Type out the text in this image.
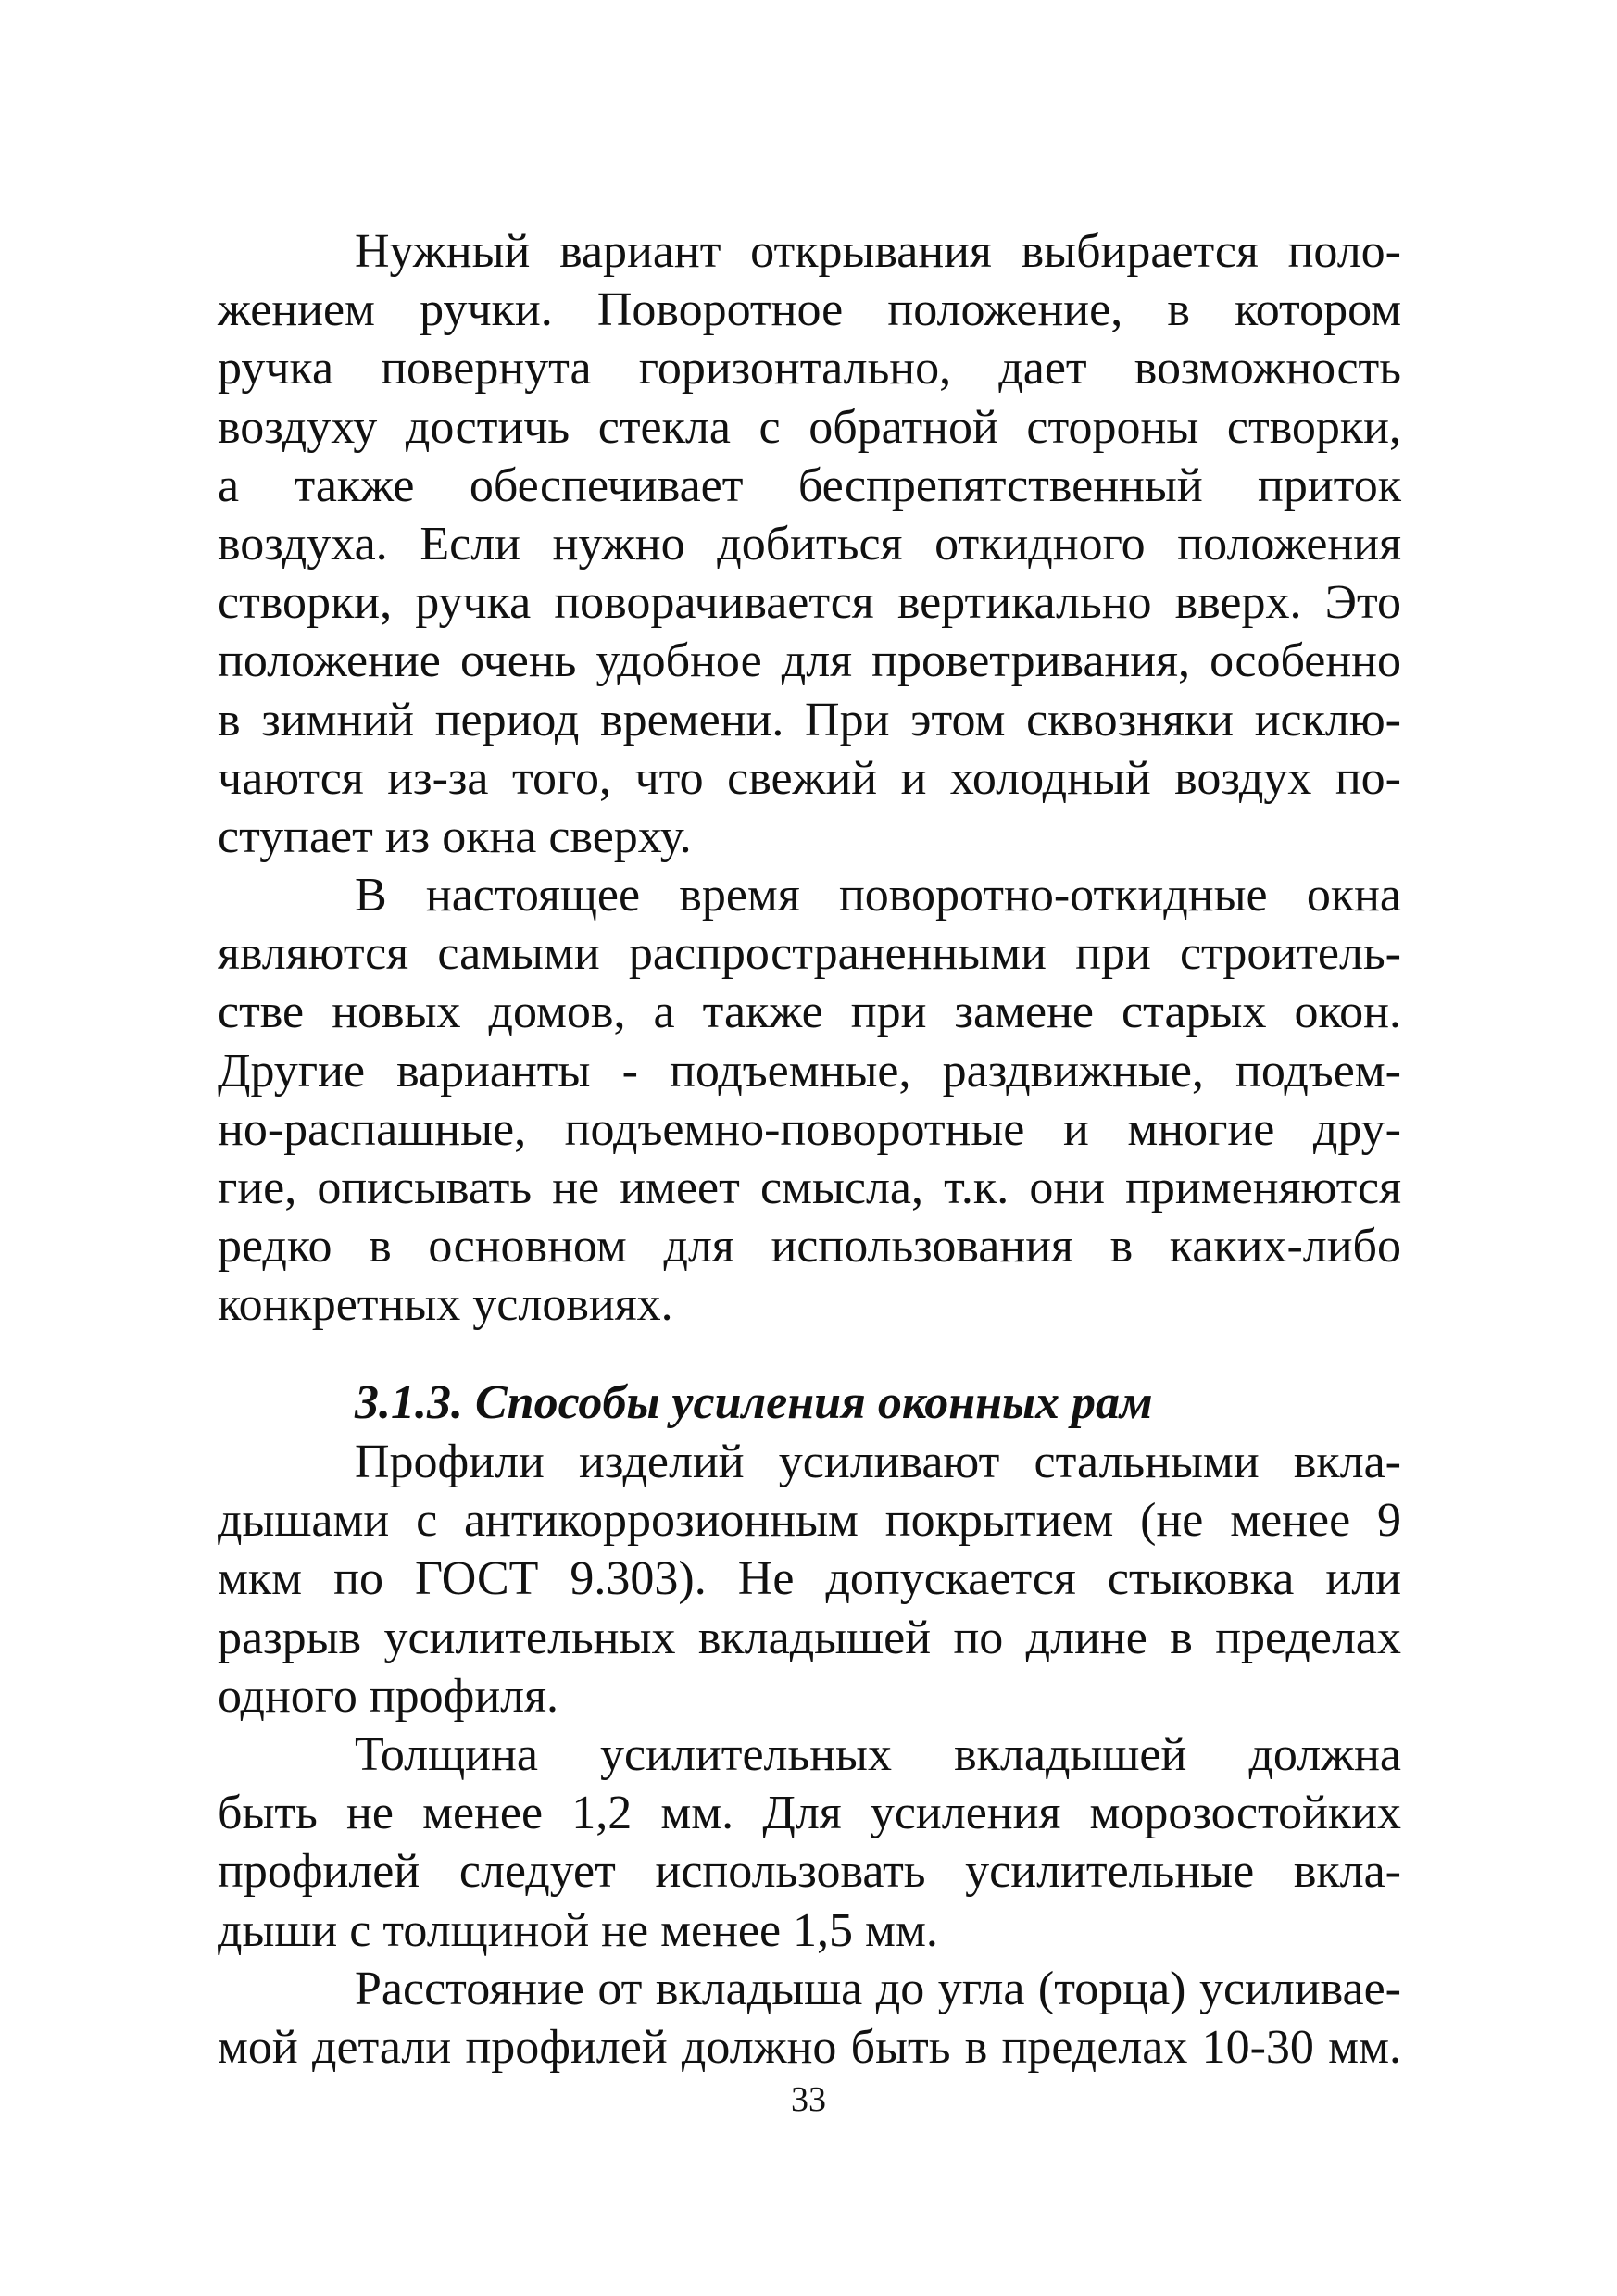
Нужный вариант открывания выбирается поло-
жением ручки. Поворотное положение, в котором
ручка повернута горизонтально, дает возможность
воздуху достичь стекла с обратной стороны створки,
а также обеспечивает беспрепятственный приток
воздуха. Если нужно добиться откидного положения
створки, ручка поворачивается вертикально вверх. Это
положение очень удобное для проветривания, особенно
в зимний период времени. При этом сквозняки исклю-
чаются из-за того, что свежий и холодный воздух по-
ступает из окна сверху.
В настоящее время поворотно-откидные окна
являются самыми распространенными при строитель-
стве новых домов, а также при замене старых окон.
Другие варианты - подъемные, раздвижные, подъем-
но-распашные, подъемно-поворотные и многие дру-
гие, описывать не имеет смысла, т.к. они применяются
редко в основном для использования в каких-либо
конкретных условиях.
3.1.3. Способы усиления оконных рам
Профили изделий усиливают стальными вкла-
дышами с антикоррозионным покрытием (не менее 9
мкм по ГОСТ 9.303). Не допускается стыковка или
разрыв усилительных вкладышей по длине в пределах
одного профиля.
Толщина усилительных вкладышей должна
быть не менее 1,2 мм. Для усиления морозостойких
профилей следует использовать усилительные вкла-
дыши с толщиной не менее 1,5 мм.
Расстояние от вкладыша до угла (торца) усиливае-
мой детали профилей должно быть в пределах 10-30 мм.
33
